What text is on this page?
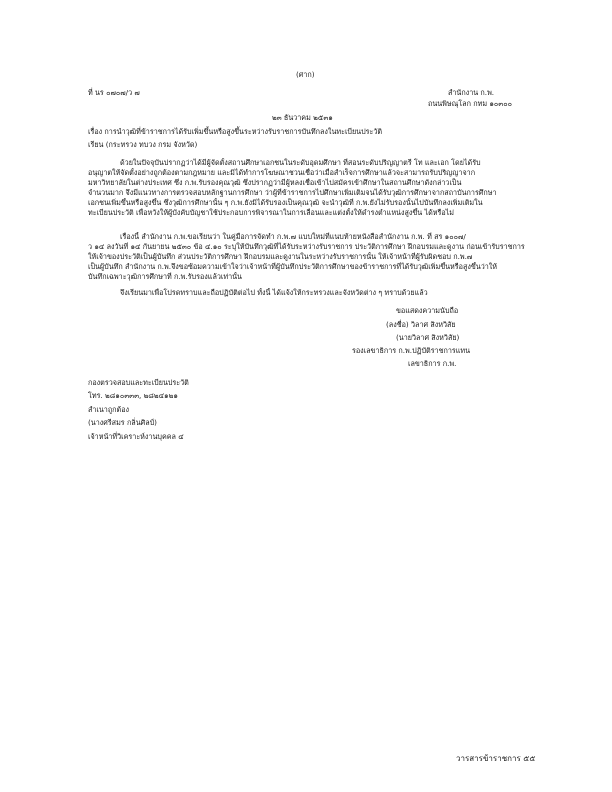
(ศาก)
ที่ นร ๐๗๐๗/ว ๗	สำนักงาน ก.พ.
ถนนพิษณุโลก กทม ๑๐๓๐๐
๒๓ ธันวาคม ๒๕๓๑
เรื่อง การนำวุฒิที่ข้าราชการได้รับเพิ่มขึ้นหรือสูงขึ้นระหว่างรับราชการบันทึกลงในทะเบียนประวัติ
เรียน (กระทรวง ทบวง กรม จังหวัด)
ด้วยในปัจจุบันปรากฏว่าได้มีผู้จัดตั้งสถานศึกษาเอกชนในระดับอุดมศึกษา ที่สอนระดับปริญญาตรี โท และเอก โดยได้รับ
อนุญาตให้จัดตั้งอย่างถูกต้องตามกฎหมาย และมิได้ทำการโฆษณาชวนเชื่อว่าเมื่อสำเร็จการศึกษาแล้วจะสามารถรับปริญญาจาก
มหาวิทยาลัยในต่างประเทศ ซึ่ง ก.พ.รับรองคุณวุฒิ ซึ่งปรากฏว่ามีผู้หลงเชื่อเข้าไปสมัครเข้าศึกษาในสถานศึกษาดังกล่าวเป็น
จำนวนมาก จึงมีแนวทางการตรวจสอบหลักฐานการศึกษา ว่าผู้ที่ข้าราชการไปศึกษาเพิ่มเติมจนได้รับวุฒิการศึกษาจากสถาบันการศึกษา
เอกชนเพิ่มขึ้นหรือสูงขึ้น ซึ่งวุฒิการศึกษานั้น ๆ ก.พ.ยังมิได้รับรองเป็นคุณวุฒิ จะนำวุฒิที่ ก.พ.ยังไม่รับรองนั้นไปบันทึกลงเพิ่มเติมใน
ทะเบียนประวัติ เพื่อหวังให้ผู้บังคับบัญชาใช้ประกอบการพิจารณาในการเลื่อนและแต่งตั้งให้ดำรงตำแหน่งสูงขึ้น ได้หรือไม่
เรื่องนี้ สำนักงาน ก.พ.ขอเรียนว่า ในคู่มือการจัดทำ ก.พ.๗ แบบใหม่ที่แนบท้ายหนังสือสำนักงาน ก.พ. ที่ สร ๑๐๐๗/
ว ๑๔ ลงวันที่ ๑๔ กันยายน ๒๕๓๐ ข้อ ๔.๑๐ ระบุให้บันทึกวุฒิที่ได้รับระหว่างรับราชการ ประวัติการศึกษา ฝึกอบรมและดูงาน ก่อนเข้ารับราชการ
ให้เจ้าของประวัติเป็นผู้บันทึก ส่วนประวัติการศึกษา ฝึกอบรมและดูงานในระหว่างรับราชการนั้น ให้เจ้าหน้าที่ผู้รับผิดชอบ ก.พ.๗
เป็นผู้บันทึก สำนักงาน ก.พ.จึงขอซ้อมความเข้าใจว่าเจ้าหน้าที่ผู้บันทึกประวัติการศึกษาของข้าราชการที่ได้รับวุฒิเพิ่มขึ้นหรือสูงขึ้นว่าให้
บันทึกเฉพาะวุฒิการศึกษาที่ ก.พ.รับรองแล้วเท่านั้น
จึงเรียนมาเพื่อโปรดทราบและถือปฏิบัติต่อไป ทั้งนี้ ได้แจ้งให้กระทรวงและจังหวัดต่าง ๆ ทราบด้วยแล้ว
ขอแสดงความนับถือ
(ลงชื่อ) วิลาศ สิงหวิสัย
(นายวิลาศ สิงหวิสัย)
รองเลขาธิการ ก.พ.ปฏิบัติราชการแทน
เลขาธิการ ก.พ.
กองตรวจสอบและทะเบียนประวัติ
โทร. ๒๘๑๐๓๓๓, ๒๘๒๔๑๒๑
สำเนาถูกต้อง
(นางศรีสมร กลิ่นศิลป์)
เจ้าหน้าที่วิเคราะห์งานบุคคล ๔
วารสารข้าราชการ ๕๕
